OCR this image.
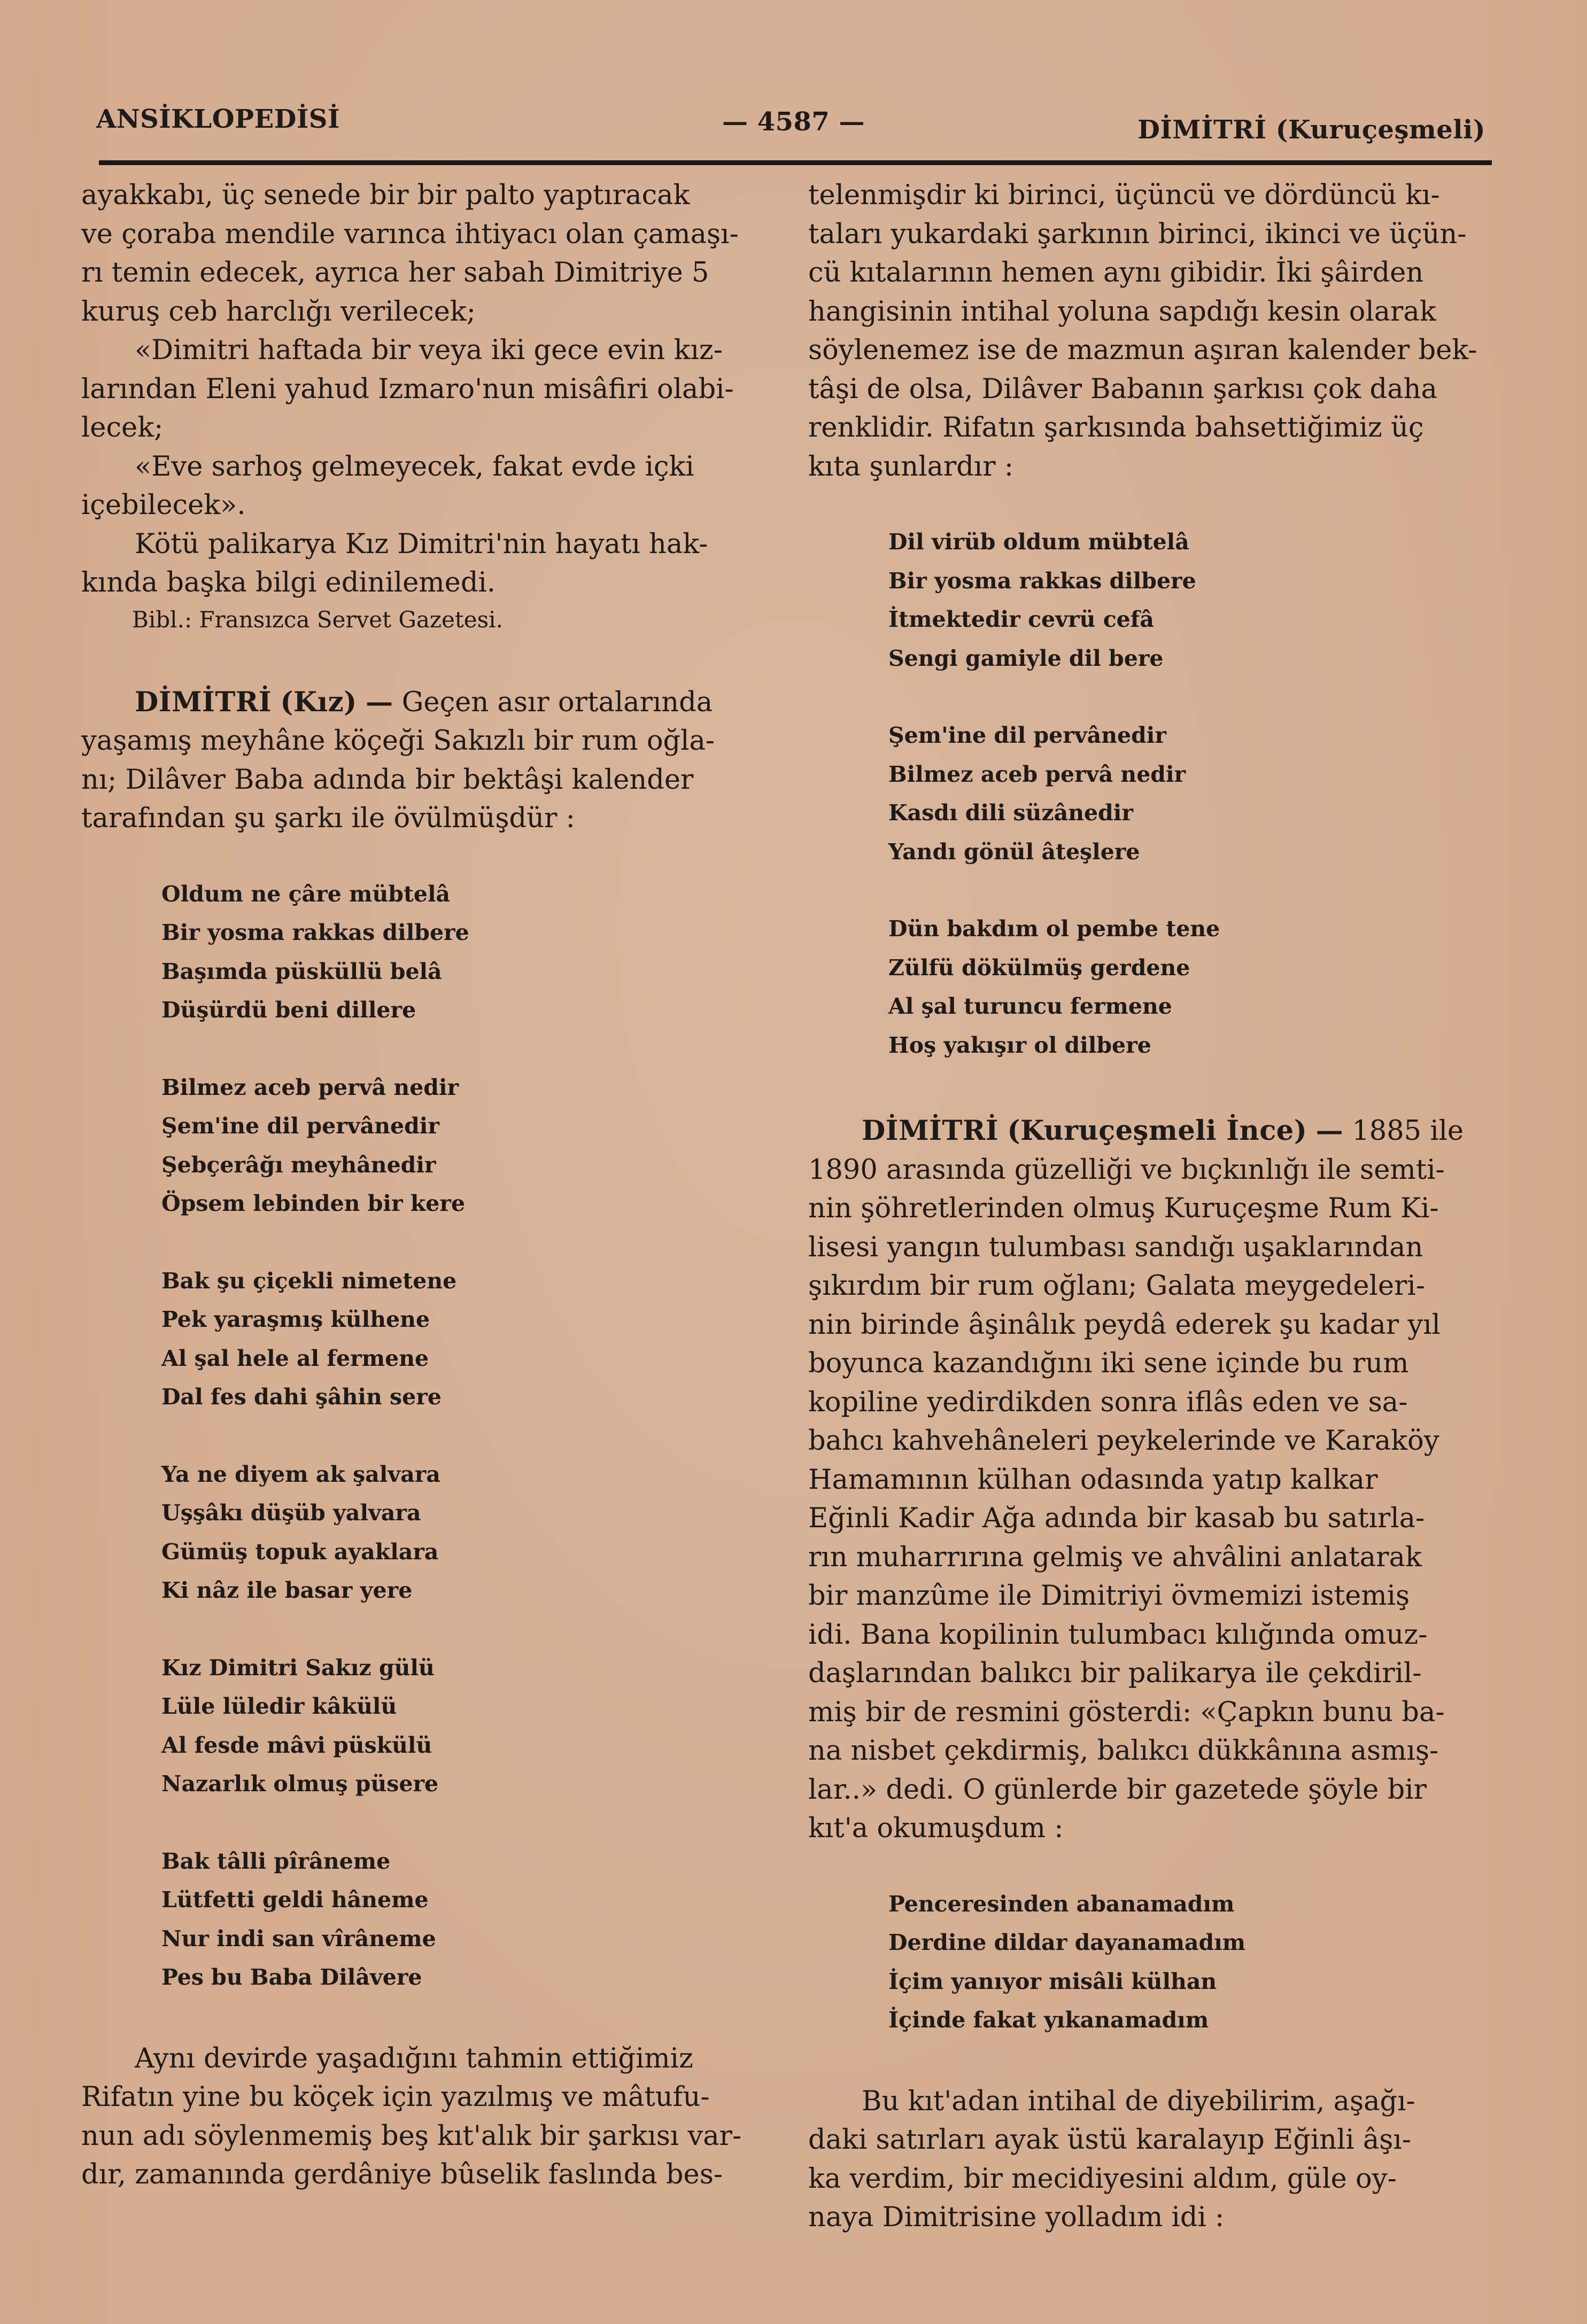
ANSİKLOPEDİSİ	— 4587 —	DİMİTRİ (Kuruçeşmeli)

ayakkabı, üç senede bir bir palto yaptıracak
ve çoraba mendile varınca ihtiyacı olan çamaşı-
rı temin edecek, ayrıca her sabah Dimitriye 5
kuruş ceb harclığı verilecek;

«Dimitri haftada bir veya iki gece evin kız-
larından Eleni yahud Izmaro'nun misâfiri olabi-
lecek;

«Eve sarhoş gelmeyecek, fakat evde içki
içebilecek».

Kötü palikarya Kız Dimitri'nin hayatı hak-
kında başka bilgi edinilemedi.

Bibl.: Fransızca Servet Gazetesi.

DİMİTRİ (Kız) — Geçen asır ortalarında
yaşamış meyhâne köçeği Sakızlı bir rum oğla-
nı; Dilâver Baba adında bir bektâşi kalender
tarafından şu şarkı ile övülmüşdür :
Oldum ne çâre mübtelâ
Bir yosma rakkas dilbere
Başımda püsküllü belâ
Düşürdü beni dillere
Bilmez aceb pervâ nedir
Şem'ine dil pervânedir
Şebçerâğı meyhânedir
Öpsem lebinden bir kere
Bak şu çiçekli nimetene
Pek yaraşmış külhene
Al şal hele al fermene
Dal fes dahi şâhin sere
Ya ne diyem ak şalvara
Uşşâkı düşüb yalvara
Gümüş topuk ayaklara
Ki nâz ile basar yere
Kız Dimitri Sakız gülü
Lüle lüledir kâkülü
Al fesde mâvi püskülü
Nazarlık olmuş püsere
Bak tâlli pîrâneme
Lütfetti geldi hâneme
Nur indi san vîrâneme
Pes bu Baba Dilâvere
Aynı devirde yaşadığını tahmin ettiğimiz
Rifatın yine bu köçek için yazılmış ve mâtufu-
nun adı söylenmemiş beş kıt'alık bir şarkısı var-
dır, zamanında gerdâniye bûselik faslında bes-
telenmişdir ki birinci, üçüncü ve dördüncü kı-
taları yukardaki şarkının birinci, ikinci ve üçün-
cü kıtalarının hemen aynı gibidir. İki şâirden
hangisinin intihal yoluna sapdığı kesin olarak
söylenemez ise de mazmun aşıran kalender bek-
tâşi de olsa, Dilâver Babanın şarkısı çok daha
renklidir. Rifatın şarkısında bahsettiğimiz üç
kıta şunlardır :
Dil virüb oldum mübtelâ
Bir yosma rakkas dilbere
İtmektedir cevrü cefâ
Sengi gamiyle dil bere
Şem'ine dil pervânedir
Bilmez aceb pervâ nedir
Kasdı dili süzânedir
Yandı gönül âteşlere
Dün bakdım ol pembe tene
Zülfü dökülmüş gerdene
Al şal turuncu fermene
Hoş yakışır ol dilbere
DİMİTRİ (Kuruçeşmeli İnce) — 1885 ile
1890 arasında güzelliği ve bıçkınlığı ile semti-
nin şöhretlerinden olmuş Kuruçeşme Rum Ki-
lisesi yangın tulumbası sandığı uşaklarından
şıkırdım bir rum oğlanı; Galata meygedeleri-
nin birinde âşinâlık peydâ ederek şu kadar yıl
boyunca kazandığını iki sene içinde bu rum
kopiline yedirdikden sonra iflâs eden ve sa-
bahcı kahvehâneleri peykelerinde ve Karaköy
Hamamının külhan odasında yatıp kalkar
Eğinli Kadir Ağa adında bir kasab bu satırla-
rın muharrırına gelmiş ve ahvâlini anlatarak
bir manzûme ile Dimitriyi övmemizi istemiş
idi. Bana kopilinin tulumbacı kılığında omuz-
daşlarından balıkcı bir palikarya ile çekdiril-
miş bir de resmini gösterdi: «Çapkın bunu ba-
na nisbet çekdirmiş, balıkcı dükkânına asmış-
lar..» dedi. O günlerde bir gazetede şöyle bir
kıt'a okumuşdum :
Penceresinden abanamadım
Derdine dildar dayanamadım
İçim yanıyor misâli külhan
İçinde fakat yıkanamadım
Bu kıt'adan intihal de diyebilirim, aşağı-
daki satırları ayak üstü karalayıp Eğinli âşı-
ka verdim, bir mecidiyesini aldım, güle oy-
naya Dimitrisine yolladım idi :
